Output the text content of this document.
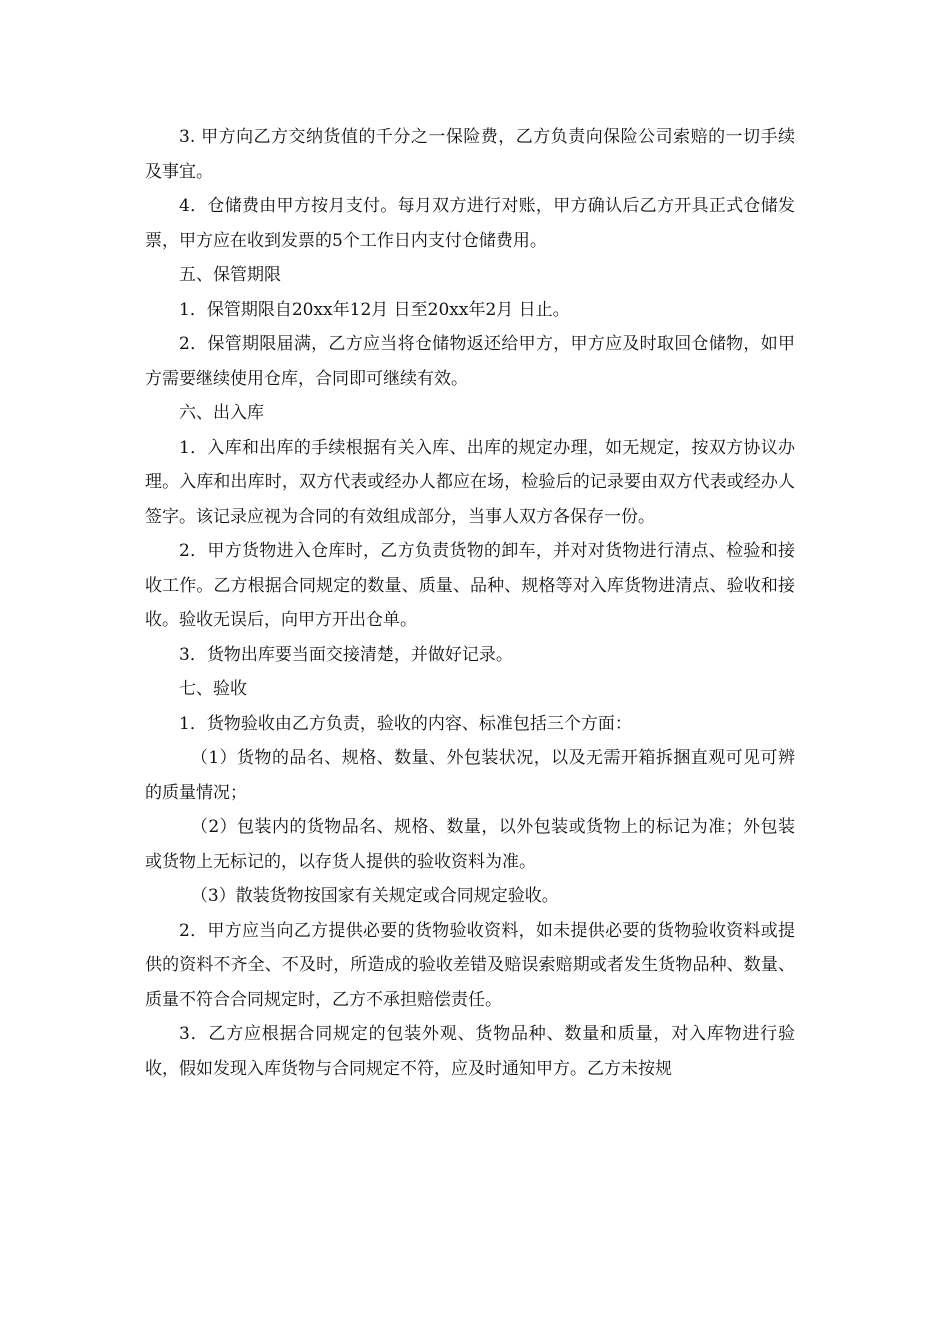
3. 甲方向乙方交纳货值的千分之一保险费，乙方负责向保险公司索赔的一切手续及事宜。

4．仓储费由甲方按月支付。每月双方进行对账，甲方确认后乙方开具正式仓储发票，甲方应在收到发票的5个工作日内支付仓储费用。

五、保管期限

1．保管期限自20xx年12月 日至20xx年2月 日止。

2．保管期限届满，乙方应当将仓储物返还给甲方，甲方应及时取回仓储物，如甲方需要继续使用仓库，合同即可继续有效。

六、出入库

1．入库和出库的手续根据有关入库、出库的规定办理，如无规定，按双方协议办理。入库和出库时，双方代表或经办人都应在场，检验后的记录要由双方代表或经办人签字。该记录应视为合同的有效组成部分，当事人双方各保存一份。

2．甲方货物进入仓库时，乙方负责货物的卸车，并对对货物进行清点、检验和接收工作。乙方根据合同规定的数量、质量、品种、规格等对入库货物进清点、验收和接收。验收无误后，向甲方开出仓单。

3．货物出库要当面交接清楚，并做好记录。

七、验收

1．货物验收由乙方负责，验收的内容、标准包括三个方面：

（1）货物的品名、规格、数量、外包装状况，以及无需开箱拆捆直观可见可辨的质量情况；

（2）包装内的货物品名、规格、数量，以外包装或货物上的标记为准；外包装或货物上无标记的，以存货人提供的验收资料为准。

（3）散装货物按国家有关规定或合同规定验收。

2．甲方应当向乙方提供必要的货物验收资料，如未提供必要的货物验收资料或提供的资料不齐全、不及时，所造成的验收差错及赔误索赔期或者发生货物品种、数量、质量不符合合同规定时，乙方不承担赔偿责任。

3．乙方应根据合同规定的包装外观、货物品种、数量和质量，对入库物进行验收，假如发现入库货物与合同规定不符，应及时通知甲方。乙方未按规
